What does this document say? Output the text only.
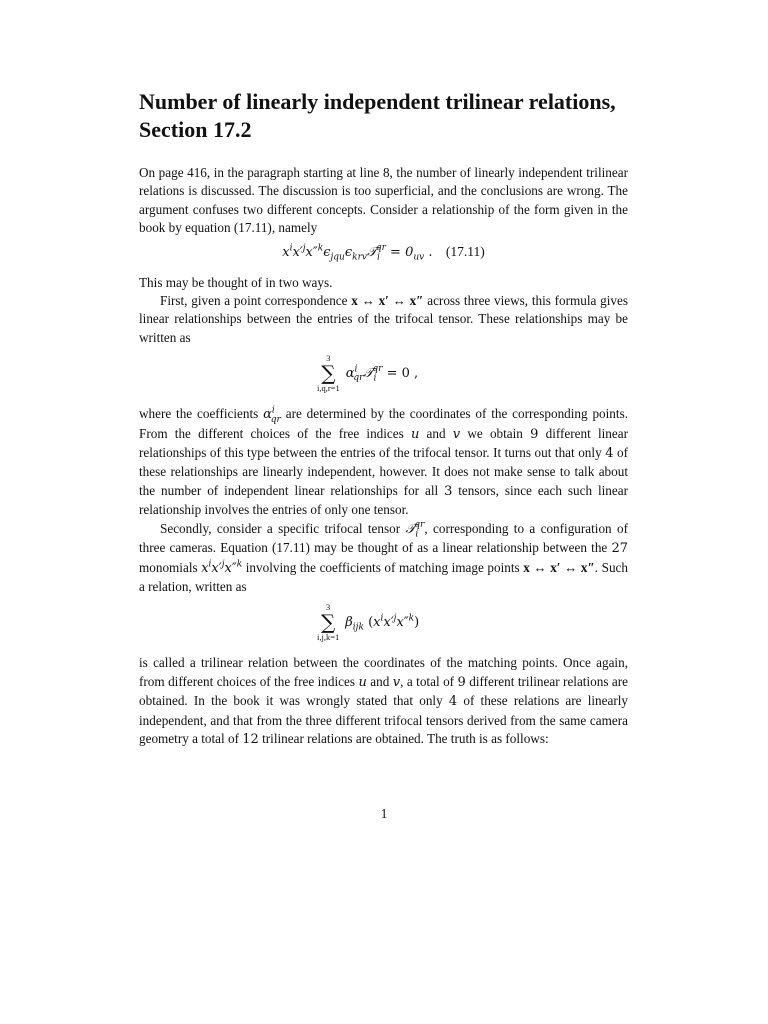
Number of linearly independent trilinear relations, Section 17.2

On page 416, in the paragraph starting at line 8, the number of linearly independent trilinear relations is discussed. The discussion is too superficial, and the conclusions are wrong. The argument confuses two different concepts. Consider a relationship of the form given in the book by equation (17.11), namely

$x^ix'^jx''^k\epsilon_{jqu}\epsilon_{krv}𝒯_i^{qr} = 0_{uv}$ . (17.11)

This may be thought of in two ways.

First, given a point correspondence x ↔ x′ ↔ x″ across three views, this formula gives linear relationships between the entries of the trifocal tensor. These relationships may be written as

3
∑
i,q,r=1
$\alpha^i_{qr}𝒯_i^{qr} = 0$ ,

where the coefficients $\alpha^i_{qr}$ are determined by the coordinates of the corresponding points. From the different choices of the free indices u and v we obtain 9 different linear relationships of this type between the entries of the trifocal tensor. It turns out that only 4 of these relationships are linearly independent, however. It does not make sense to talk about the number of independent linear relationships for all 3 tensors, since each such linear relationship involves the entries of only one tensor.

Secondly, consider a specific trifocal tensor 𝒯$_i^{qr}$, corresponding to a configuration of three cameras. Equation (17.11) may be thought of as a linear relationship between the 27 monomials $x^ix'^jx''^k$ involving the coefficients of matching image points x ↔ x′ ↔ x″. Such a relation, written as

3
∑
i,j,k=1
$\beta_{ijk}$ $(x^ix'^jx''^k)$

is called a trilinear relation between the coordinates of the matching points. Once again, from different choices of the free indices u and v, a total of 9 different trilinear relations are obtained. In the book it was wrongly stated that only 4 of these relations are linearly independent, and that from the three different trifocal tensors derived from the same camera geometry a total of 12 trilinear relations are obtained. The truth is as follows:

1
